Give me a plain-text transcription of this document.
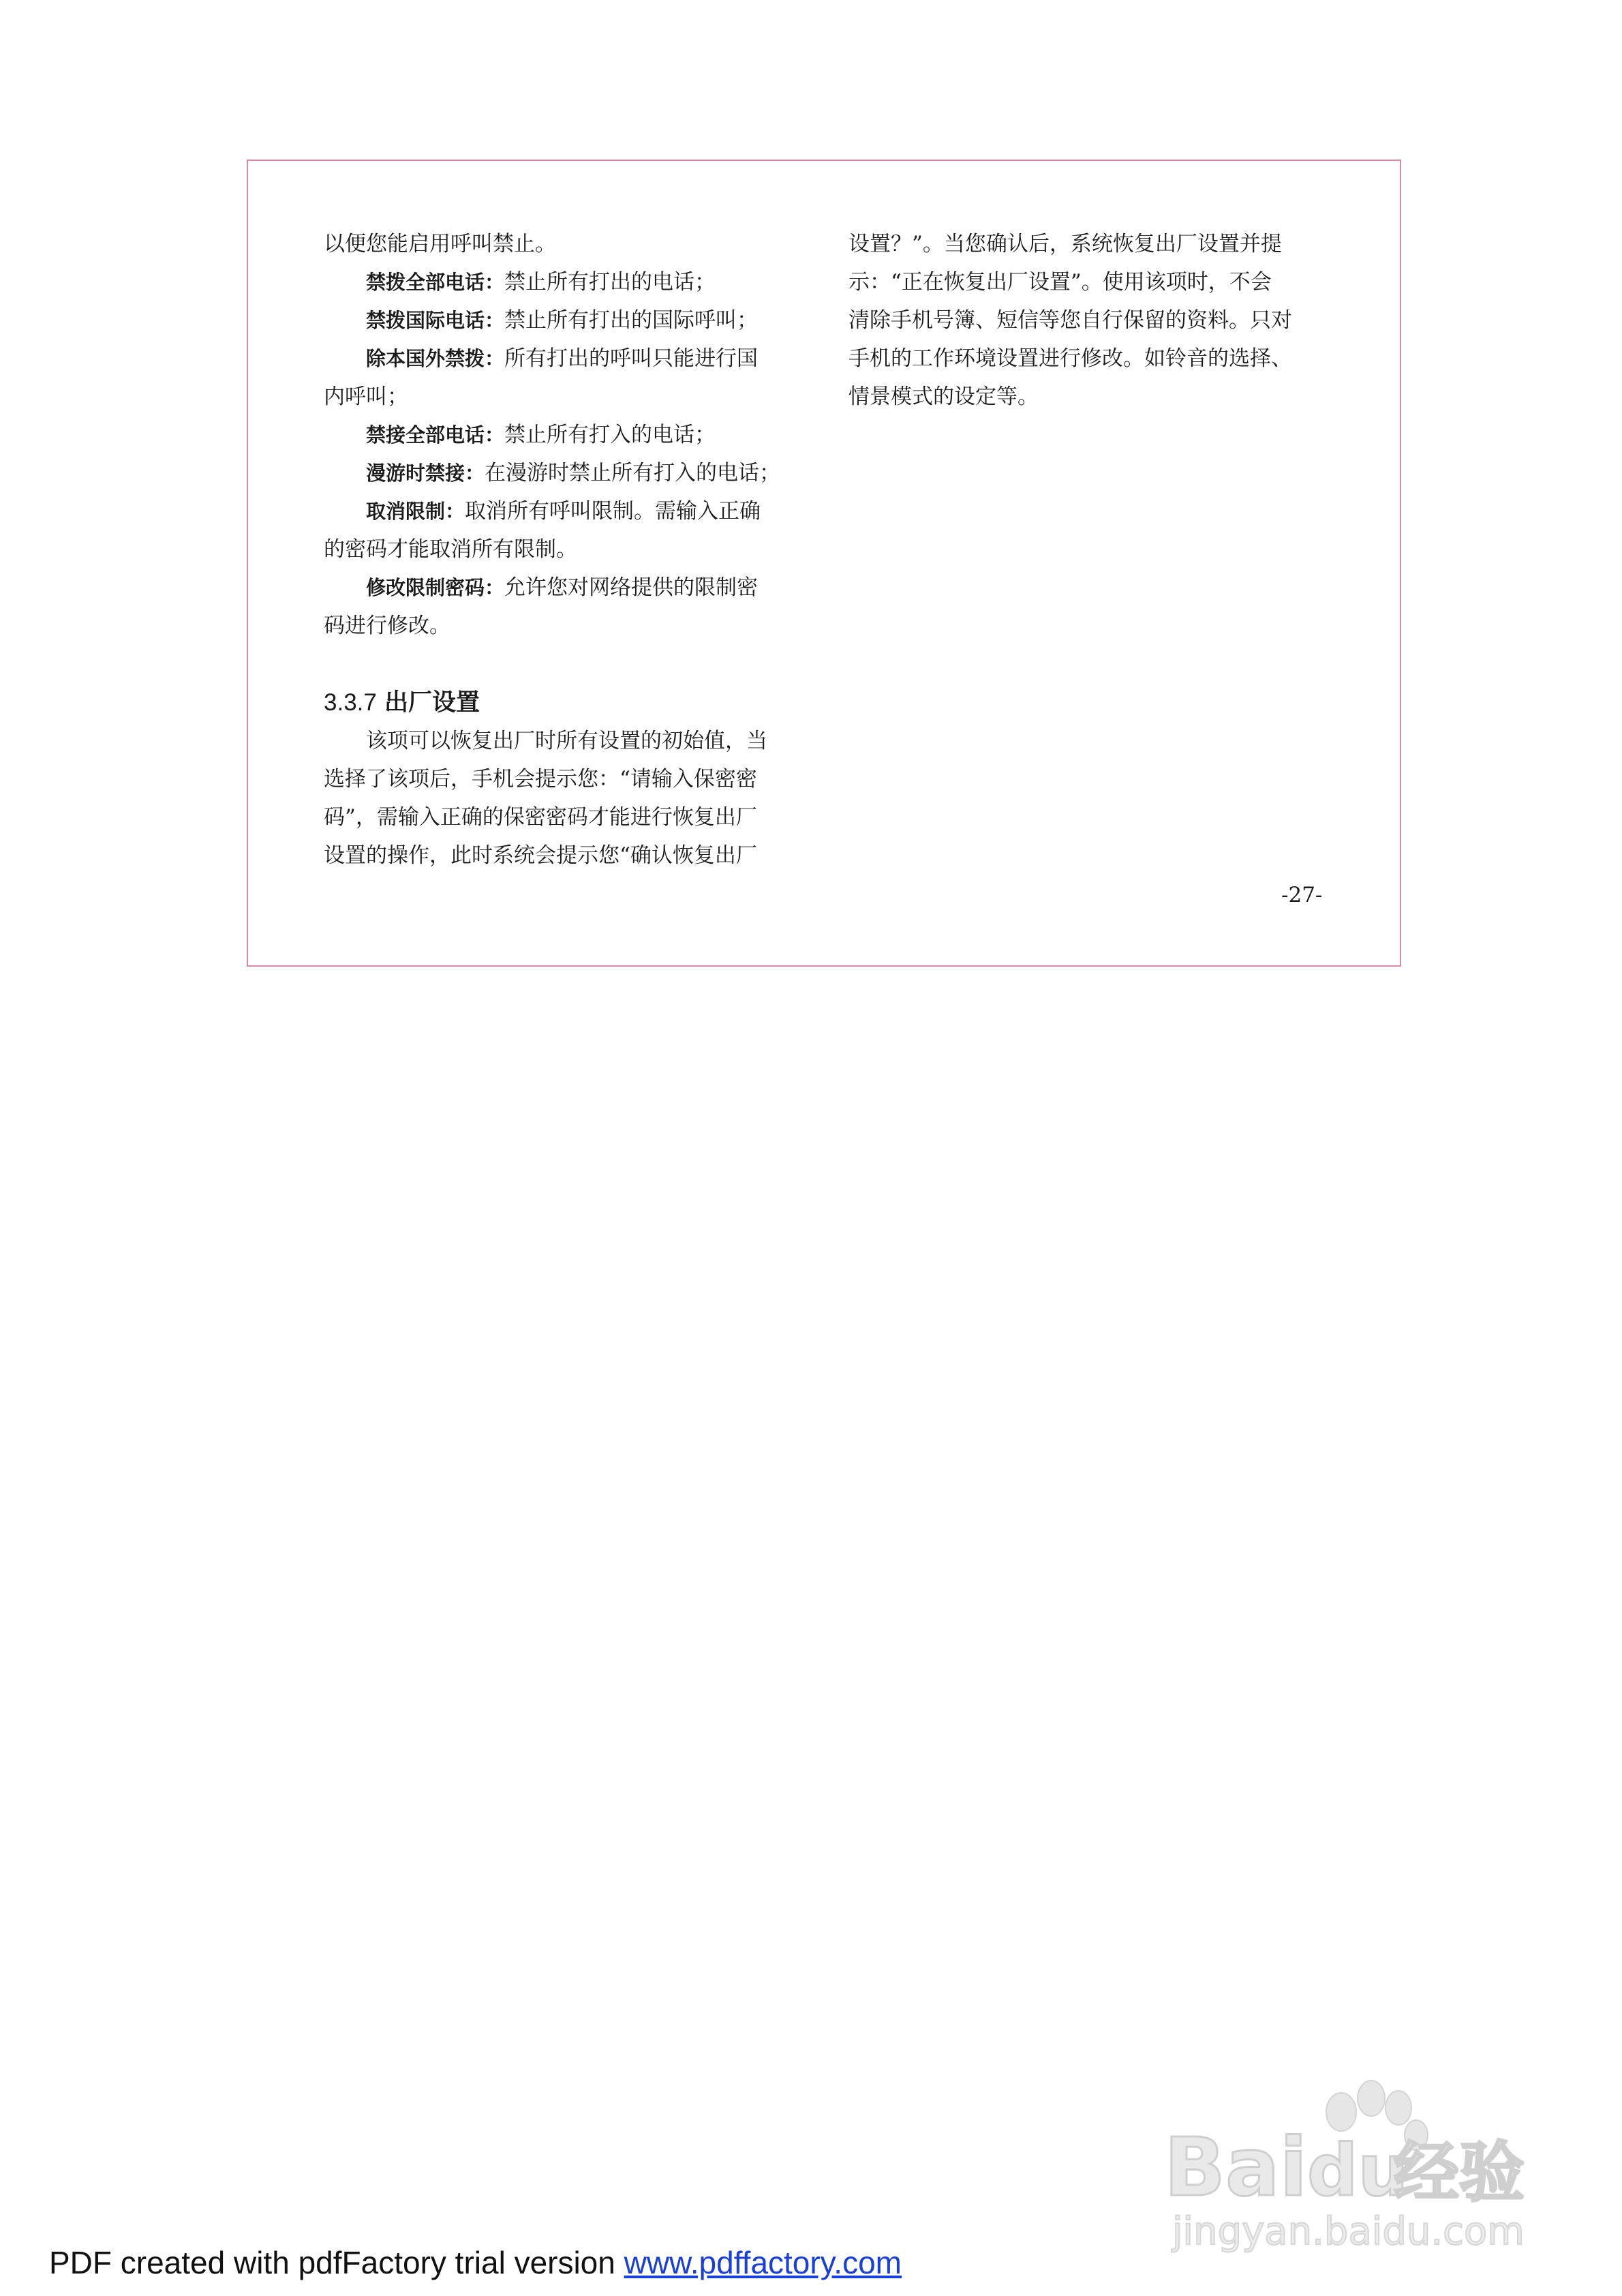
以便您能启用呼叫禁止。

禁拨全部电话：禁止所有打出的电话；

禁拨国际电话：禁止所有打出的国际呼叫；

除本国外禁拨：所有打出的呼叫只能进行国

内呼叫；

禁接全部电话：禁止所有打入的电话；

漫游时禁接：在漫游时禁止所有打入的电话；

取消限制：取消所有呼叫限制。需输入正确

的密码才能取消所有限制。

修改限制密码：允许您对网络提供的限制密

码进行修改。

3.3.7 出厂设置

该项可以恢复出厂时所有设置的初始值，当

选择了该项后，手机会提示您：“请输入保密密

码”，需输入正确的保密密码才能进行恢复出厂

设置的操作，此时系统会提示您“确认恢复出厂

设置？”。当您确认后，系统恢复出厂设置并提

示：“正在恢复出厂设置”。使用该项时，不会

清除手机号簿、短信等您自行保留的资料。只对

手机的工作环境设置进行修改。如铃音的选择、

情景模式的设定等。

-27-
Bai du
经验
jingyan.baidu.com
PDF created with pdfFactory trial version www.pdffactory.com
